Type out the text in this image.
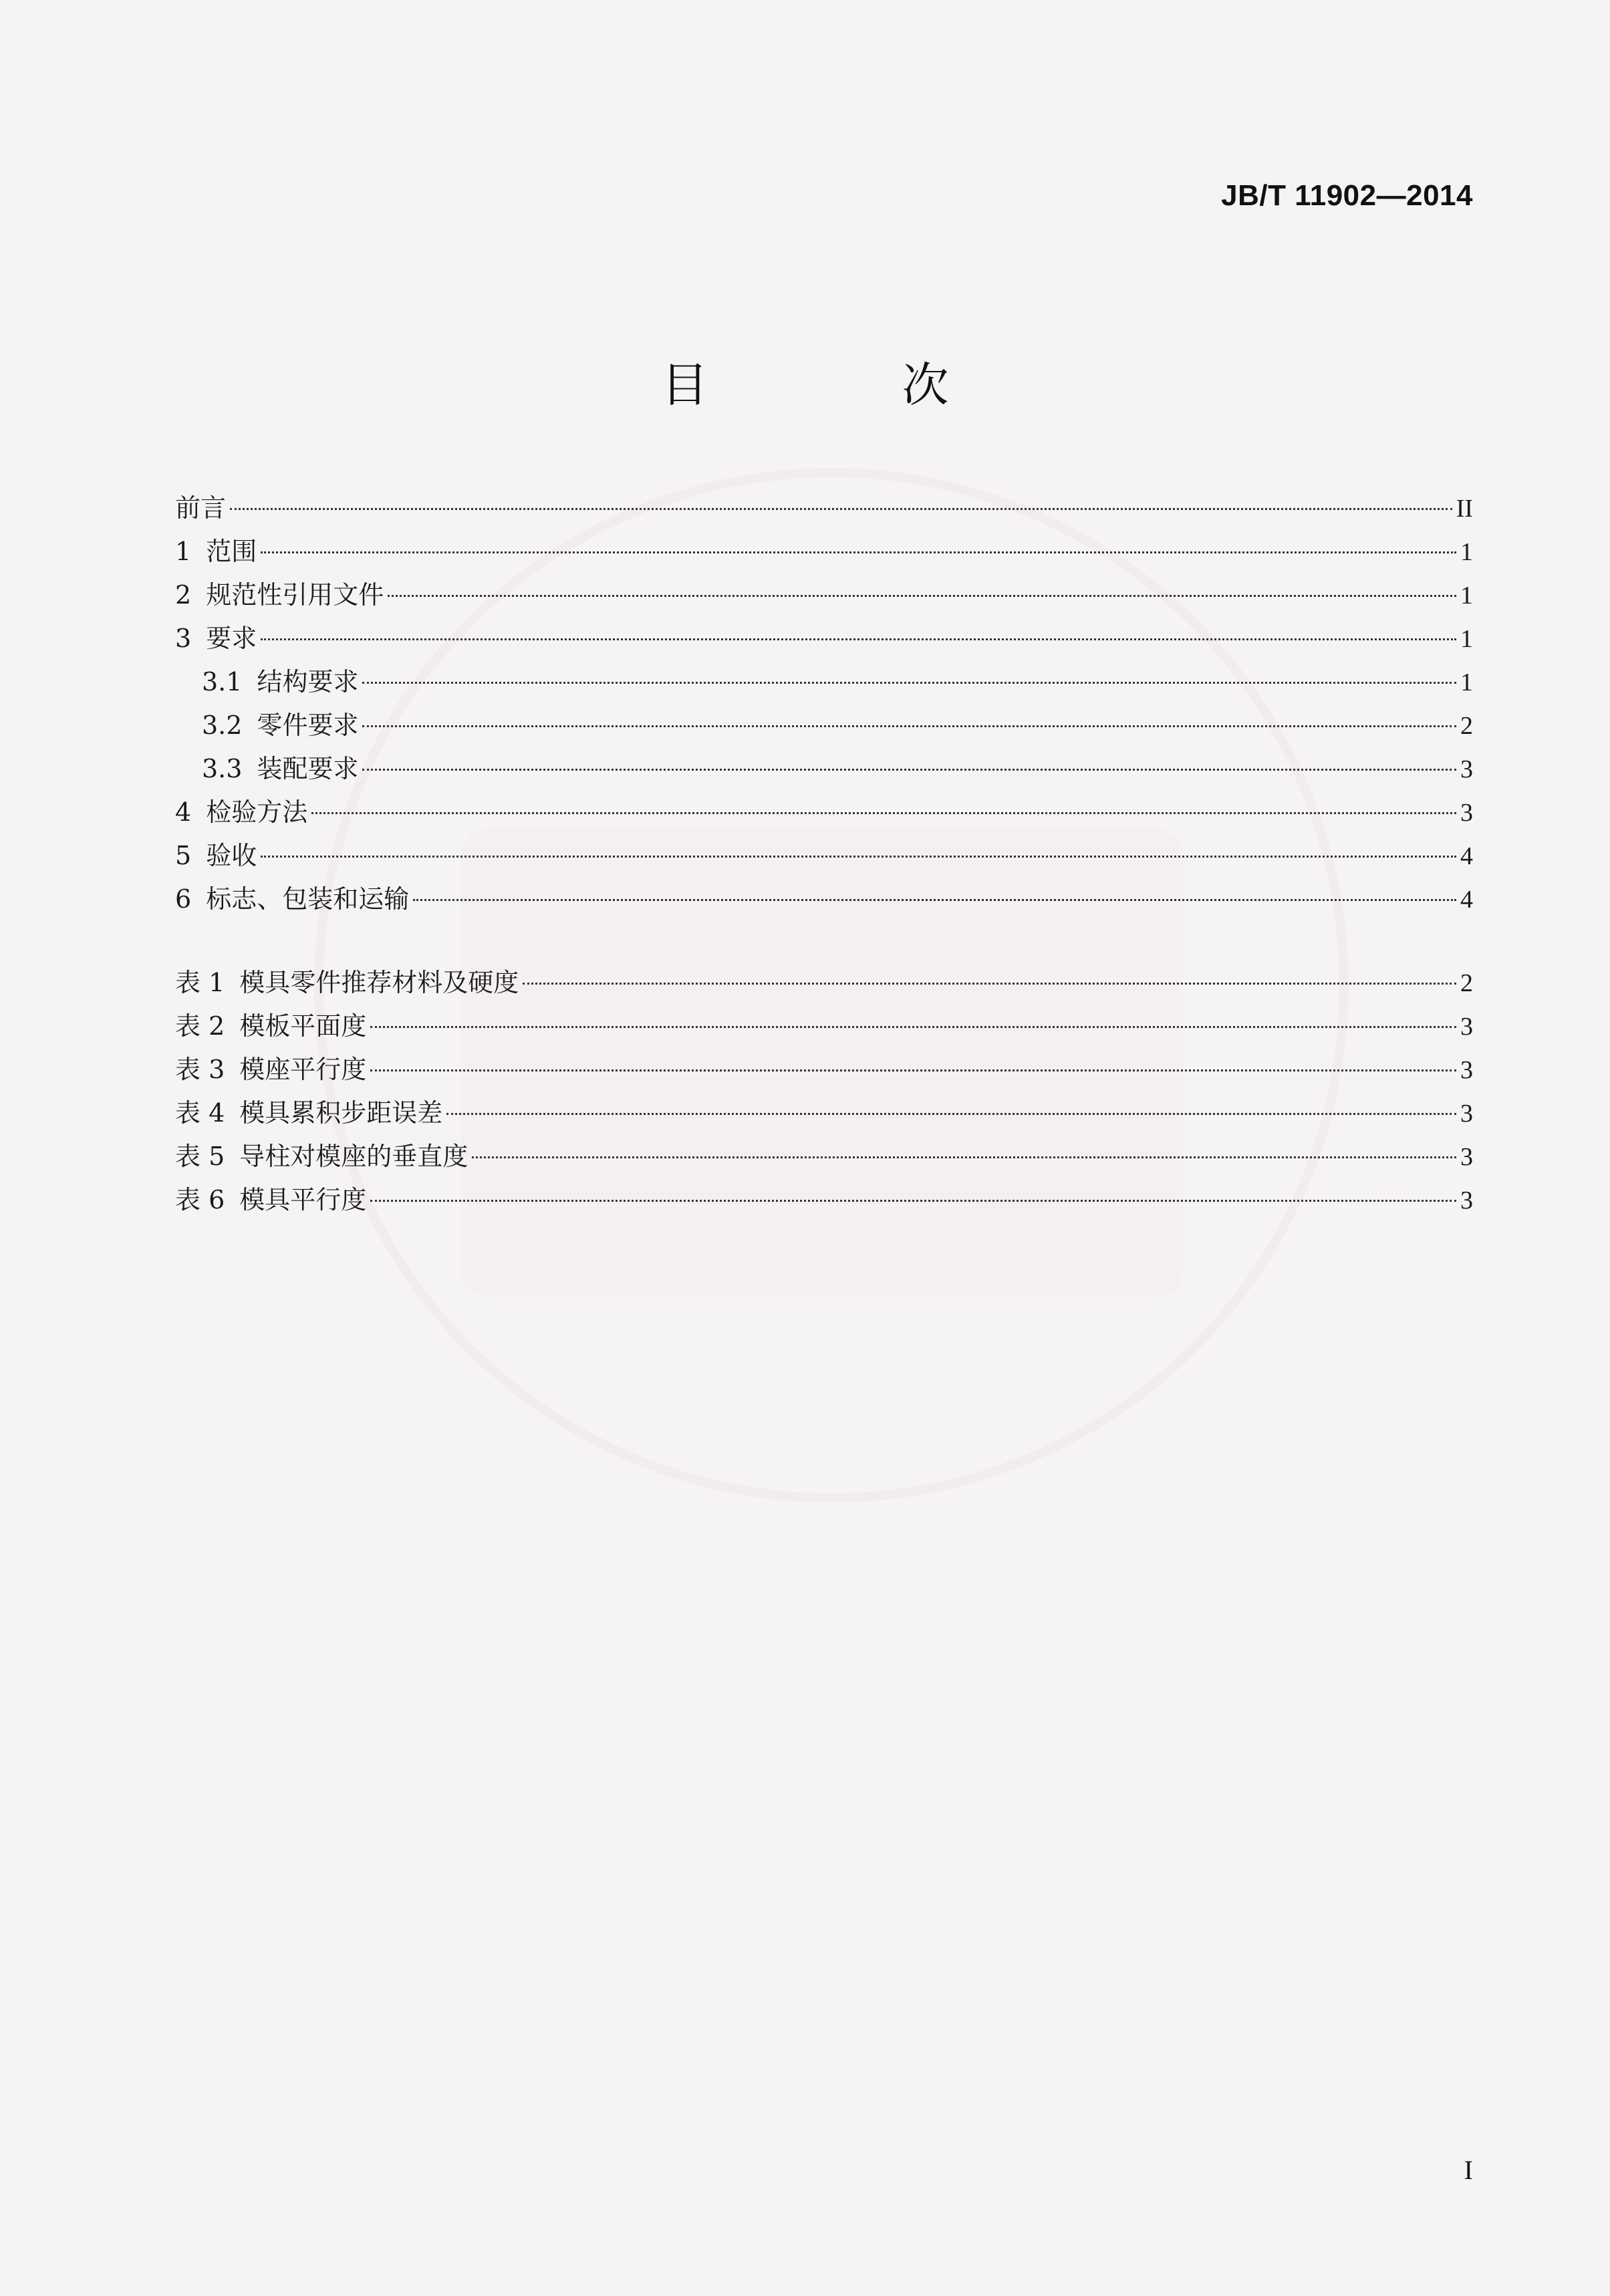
JB/T 11902—2014
目　次
前言	II
1 范围	1
2 规范性引用文件	1
3 要求	1
3.1 结构要求	1
3.2 零件要求	2
3.3 装配要求	3
4 检验方法	3
5 验收	4
6 标志、包装和运输	4
表 1 模具零件推荐材料及硬度	2
表 2 模板平面度	3
表 3 模座平行度	3
表 4 模具累积步距误差	3
表 5 导柱对模座的垂直度	3
表 6 模具平行度	3
I
